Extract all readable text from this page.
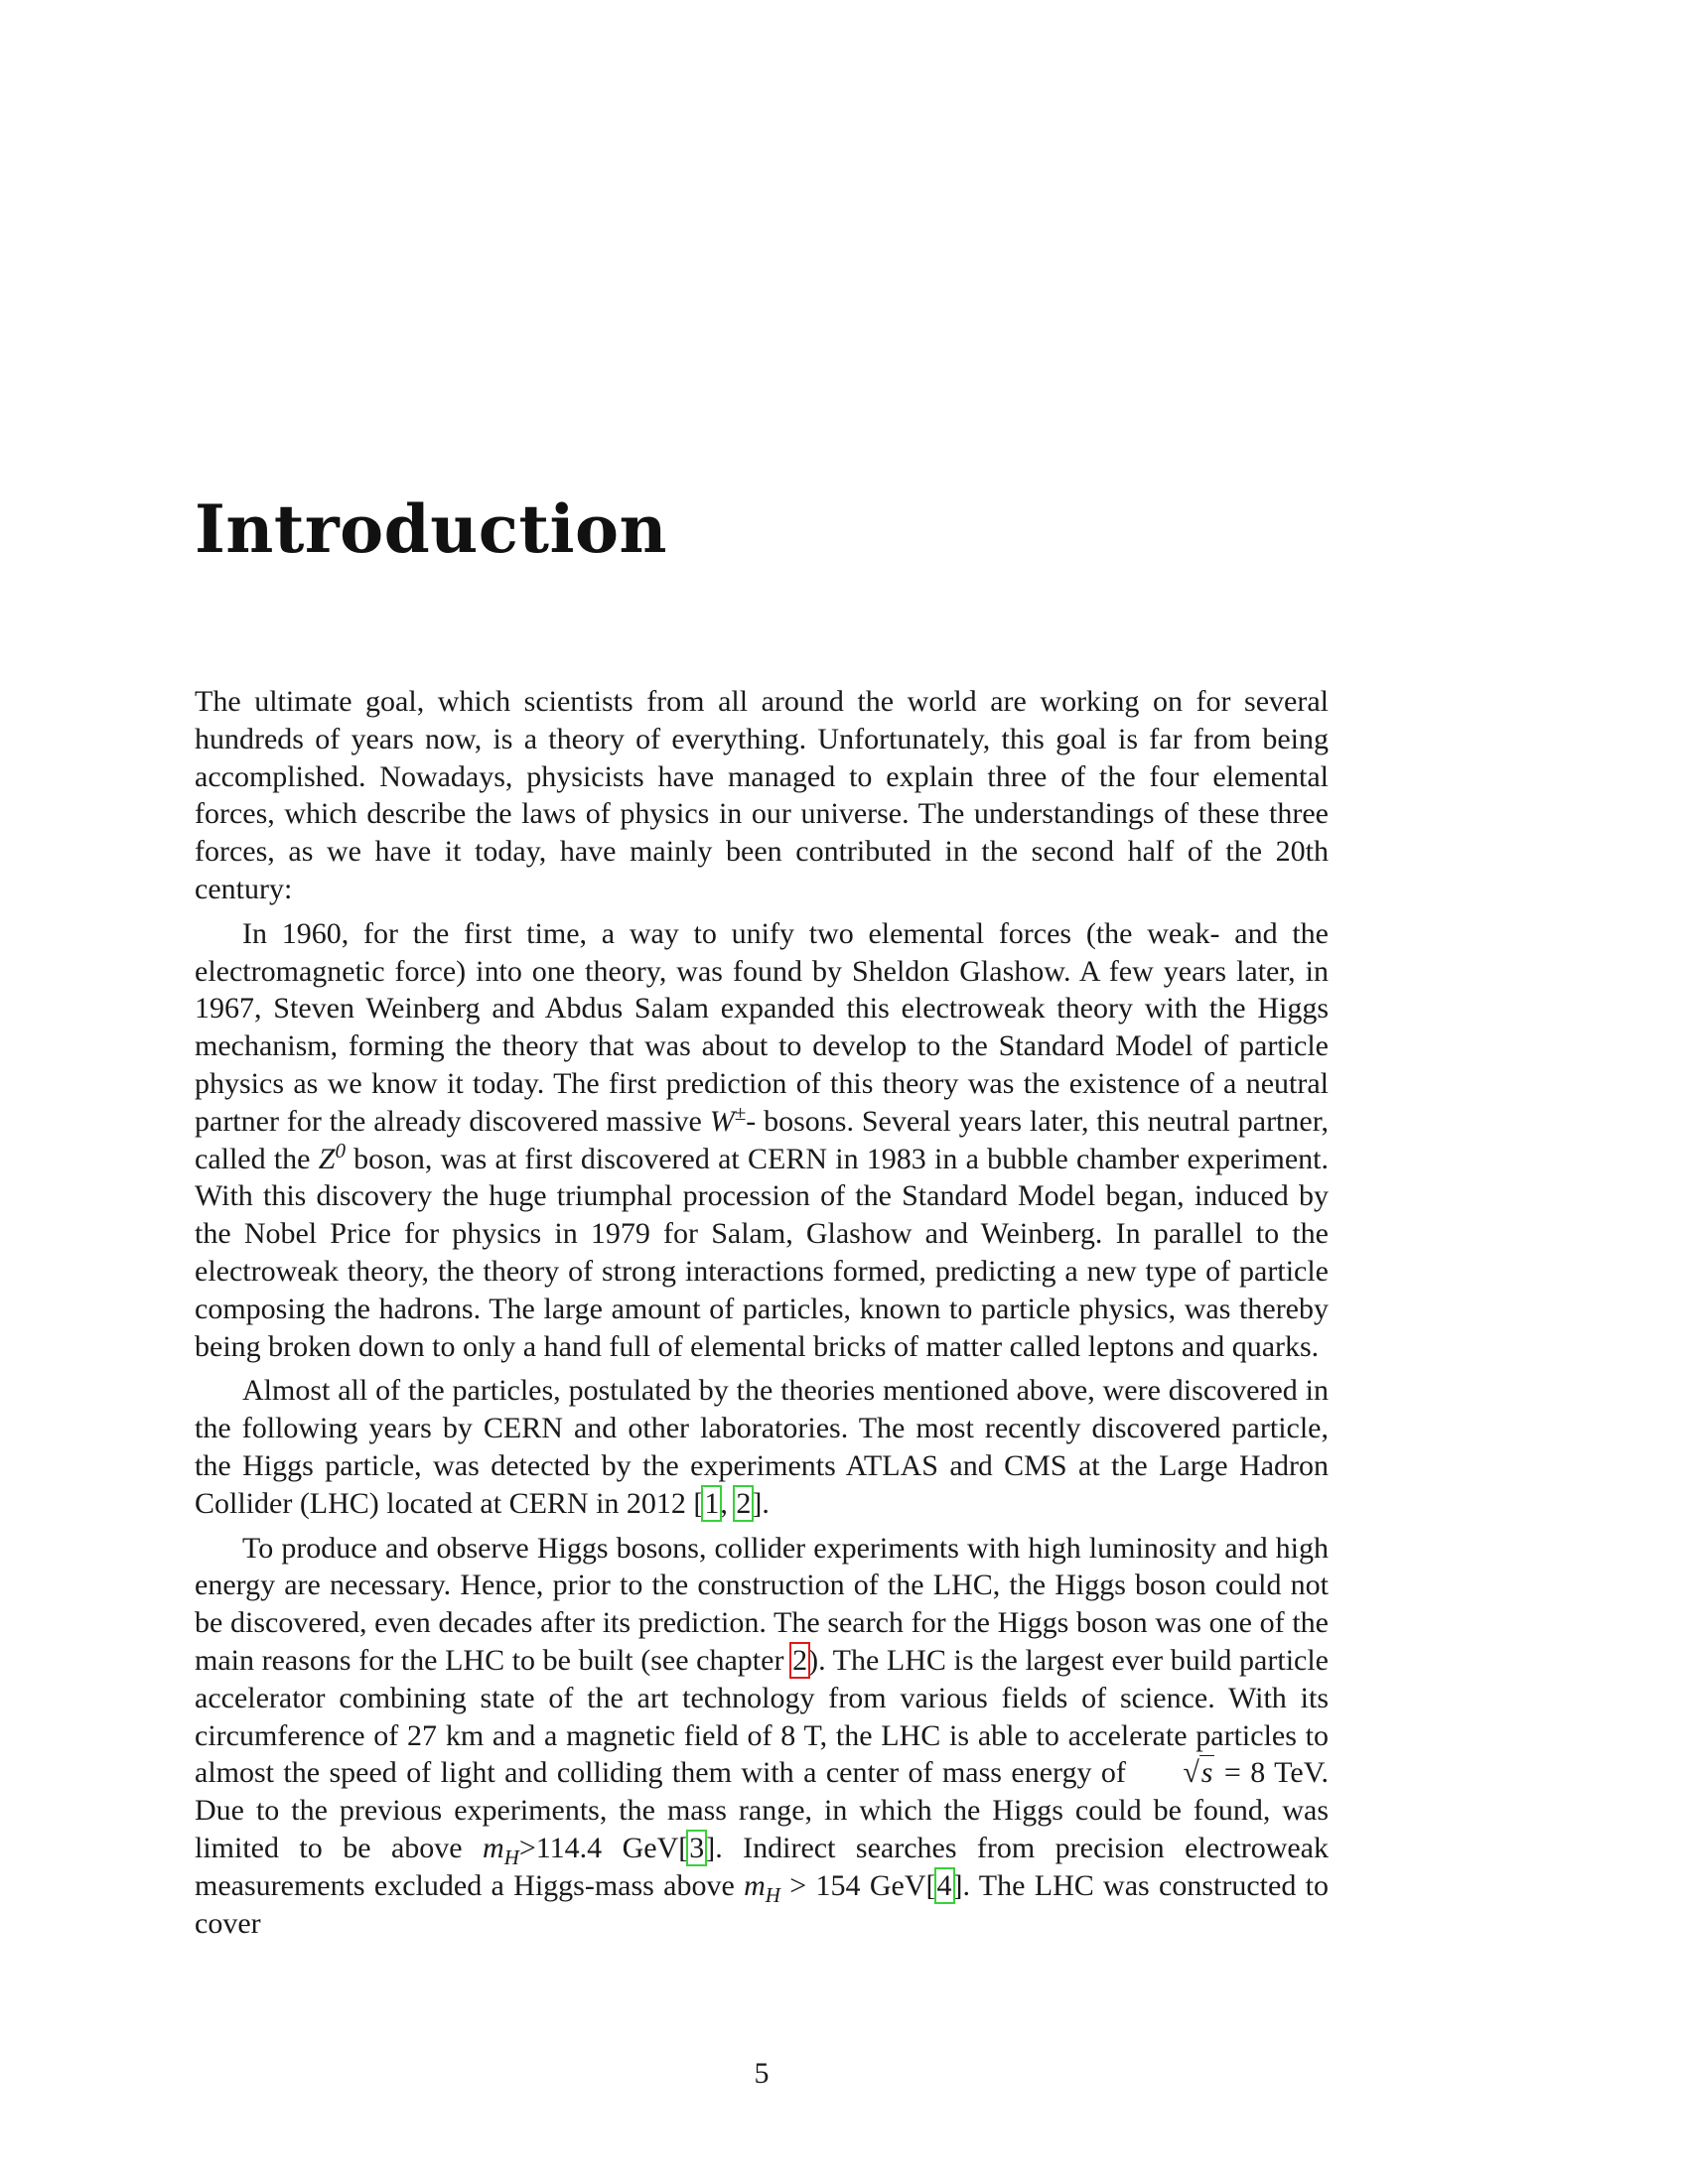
Introduction

The ultimate goal, which scientists from all around the world are working on for several hundreds of years now, is a theory of everything. Unfortunately, this goal is far from being accomplished. Nowadays, physicists have managed to explain three of the four elemental forces, which describe the laws of physics in our universe. The understandings of these three forces, as we have it today, have mainly been contributed in the second half of the 20th century:

In 1960, for the first time, a way to unify two elemental forces (the weak- and the electromagnetic force) into one theory, was found by Sheldon Glashow. A few years later, in 1967, Steven Weinberg and Abdus Salam expanded this electroweak theory with the Higgs mechanism, forming the theory that was about to develop to the Standard Model of particle physics as we know it today. The first prediction of this theory was the existence of a neutral partner for the already discovered massive W±- bosons. Several years later, this neutral partner, called the $Z^0$ boson, was at first discovered at CERN in 1983 in a bubble chamber experiment. With this discovery the huge triumphal procession of the Standard Model began, induced by the Nobel Price for physics in 1979 for Salam, Glashow and Weinberg. In parallel to the electroweak theory, the theory of strong interactions formed, predicting a new type of particle composing the hadrons. The large amount of particles, known to particle physics, was thereby being broken down to only a hand full of elemental bricks of matter called leptons and quarks.

Almost all of the particles, postulated by the theories mentioned above, were discovered in the following years by CERN and other laboratories. The most recently discovered particle, the Higgs particle, was detected by the experiments ATLAS and CMS at the Large Hadron Collider (LHC) located at CERN in 2012 [1, 2].

To produce and observe Higgs bosons, collider experiments with high luminosity and high energy are necessary. Hence, prior to the construction of the LHC, the Higgs boson could not be discovered, even decades after its prediction. The search for the Higgs boson was one of the main reasons for the LHC to be built (see chapter 2). The LHC is the largest ever build particle accelerator combining state of the art technology from various fields of science. With its circumference of 27 km and a magnetic field of 8 T, the LHC is able to accelerate particles to almost the speed of light and colliding them with a center of mass energy of √s = 8 TeV. Due to the previous experiments, the mass range, in which the Higgs could be found, was limited to be above $m_H>114.4$ GeV[3]. Indirect searches from precision electroweak measurements excluded a Higgs-mass above $m_H > 154$ GeV[4]. The LHC was constructed to cover

5
